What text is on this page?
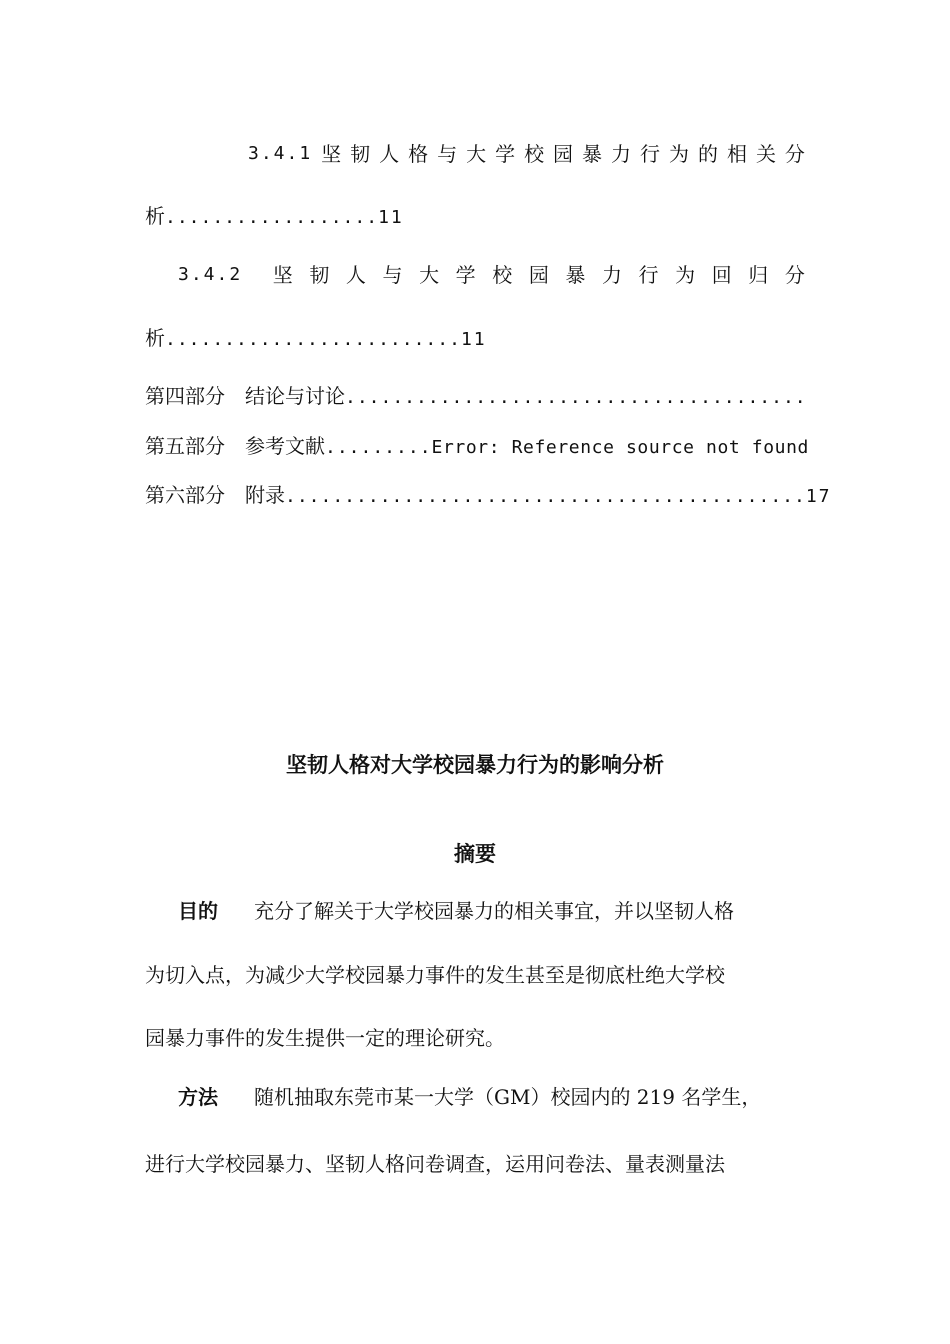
3.4.1 坚 韧 人 格 与 大 学 校 园 暴 力 行 为 的 相 关 分
析..................11
3.4.2 坚 韧 人 与 大 学 校 园 暴 力 行 为 回 归 分
析.........................11
第四部分  结论与讨论.......................................
第五部分  参考文献.........Error: Reference source not found
第六部分  附录............................................17
坚韧人格对大学校园暴力行为的影响分析
摘要
目的 充分了解关于大学校园暴力的相关事宜，并以坚韧人格
为切入点，为减少大学校园暴力事件的发生甚至是彻底杜绝大学校
园暴力事件的发生提供一定的理论研究。
方法 随机抽取东莞市某一大学（GM）校园内的 219 名学生，
进行大学校园暴力、坚韧人格问卷调查，运用问卷法、量表测量法
